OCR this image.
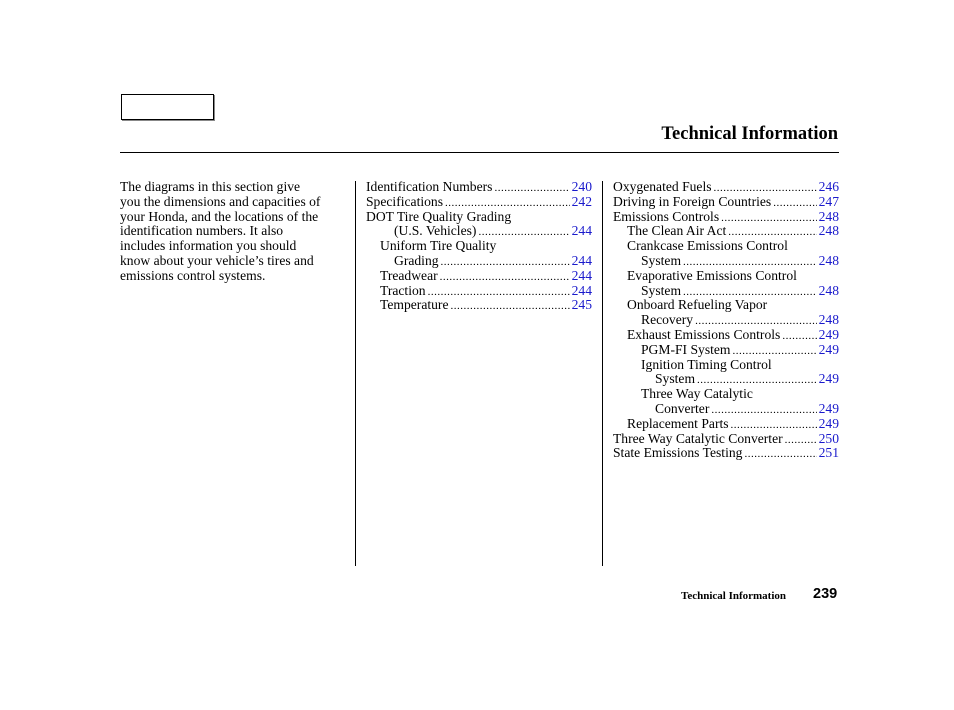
Technical Information
The diagrams in this section give
you the dimensions and capacities of
your Honda, and the locations of the
identification numbers. It also
includes information you should
know about your vehicle’s tires and
emissions control systems.
Identification Numbers .....	240
Specifications .....	242
DOT Tire Quality Grading
(U.S. Vehicles) .....	244
Uniform Tire Quality
Grading .....	244
Treadwear .....	244
Traction .....	244
Temperature .....	245
Oxygenated Fuels .....	246
Driving in Foreign Countries .....	247
Emissions Controls .....	248
The Clean Air Act .....	248
Crankcase Emissions Control
System .....	248
Evaporative Emissions Control
System .....	248
Onboard Refueling Vapor
Recovery .....	248
Exhaust Emissions Controls .....	249
PGM-FI System .....	249
Ignition Timing Control
System .....	249
Three Way Catalytic
Converter .....	249
Replacement Parts .....	249
Three Way Catalytic Converter .....	250
State Emissions Testing .....	251
Technical Information 239
